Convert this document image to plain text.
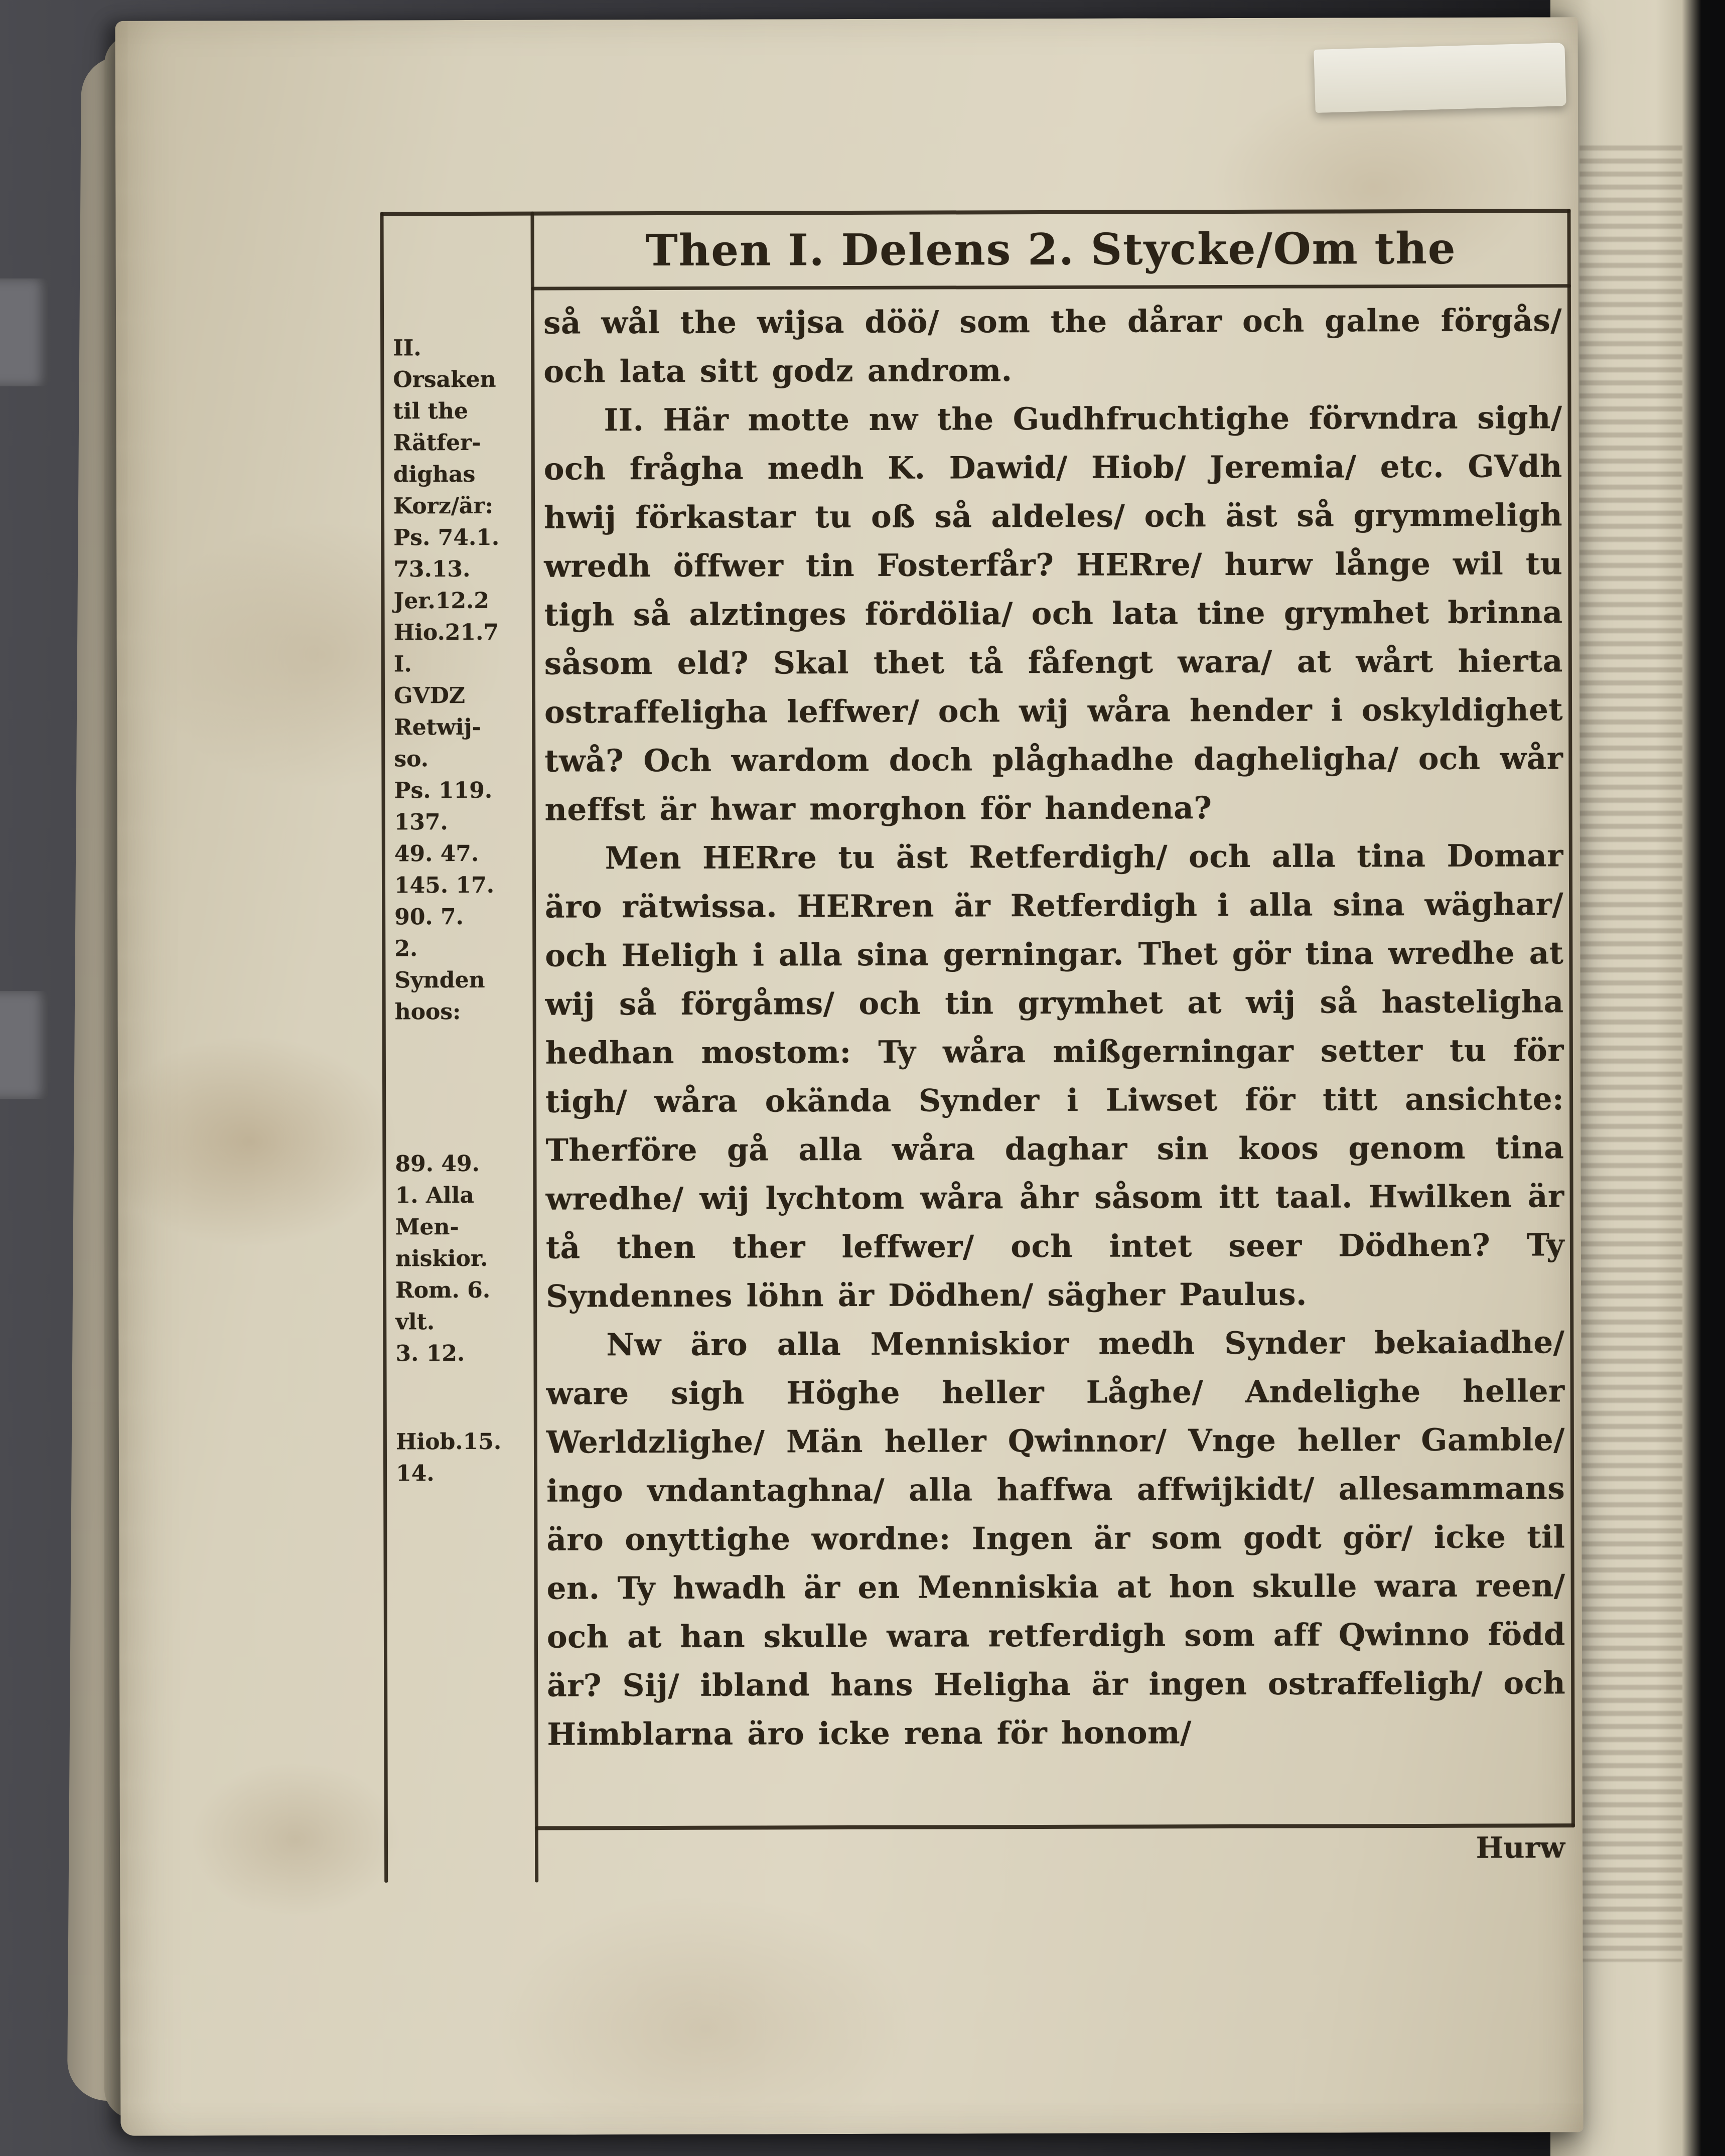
Then I. Delens 2. Stycke/Om the
II.
Orsaken
til the
Rätfer-
dighas
Korz/är:
Ps. 74.1.
73.13.
Jer.12.2
Hio.21.7
I.
GVDZ
Retwij-
so.
Ps. 119.
137.
49. 47.
145. 17.
90. 7.
2.
Synden
hoos:
89. 49.
1. Alla
Men-
niskior.
Rom. 6.
vlt.
3. 12.
Hiob.15.
14.

så wål the wijsa döö/ som the dårar och galne förgås/ och lata sitt godz androm.

II. Här motte nw the Gudhfruchtighe förvndra sigh/ och frågha medh K. Dawid/ Hiob/ Jeremia/ etc. GVdh hwij förkastar tu oß så aldeles/ och äst så grymmeligh wredh öffwer tin Fosterfår? HERre/ hurw långe wil tu tigh så alztinges fördölia/ och lata tine grymhet brinna såsom eld? Skal thet tå fåfengt wara/ at wårt hierta ostraffeligha leffwer/ och wij wåra hender i oskyldighet twå? Och wardom doch plåghadhe dagheligha/ och wår neffst är hwar morghon för handena?

Men HERre tu äst Retferdigh/ och alla tina Domar äro rätwissa. HERren är Retferdigh i alla sina wäghar/ och Heligh i alla sina gerningar. Thet gör tina wredhe at wij så förgåms/ och tin grymhet at wij så hasteligha hedhan mostom: Ty wåra mißgerningar setter tu för tigh/ wåra okända Synder i Liwset för titt ansichte: Therföre gå alla wåra daghar sin koos genom tina wredhe/ wij lychtom wåra åhr såsom itt taal. Hwilken är tå then ther leffwer/ och intet seer Dödhen? Ty Syndennes löhn är Dödhen/ sägher Paulus.

Nw äro alla Menniskior medh Synder bekaiadhe/ ware sigh Höghe heller Låghe/ Andelighe heller Werldzlighe/ Män heller Qwinnor/ Vnge heller Gamble/ ingo vndantaghna/ alla haffwa affwijkidt/ allesammans äro onyttighe wordne: Ingen är som godt gör/ icke til en. Ty hwadh är en Menniskia at hon skulle wara reen/ och at han skulle wara retferdigh som aff Qwinno född är? Sij/ ibland hans Heligha är ingen ostraffeligh/ och Himblarna äro icke rena för honom/

Hurw
